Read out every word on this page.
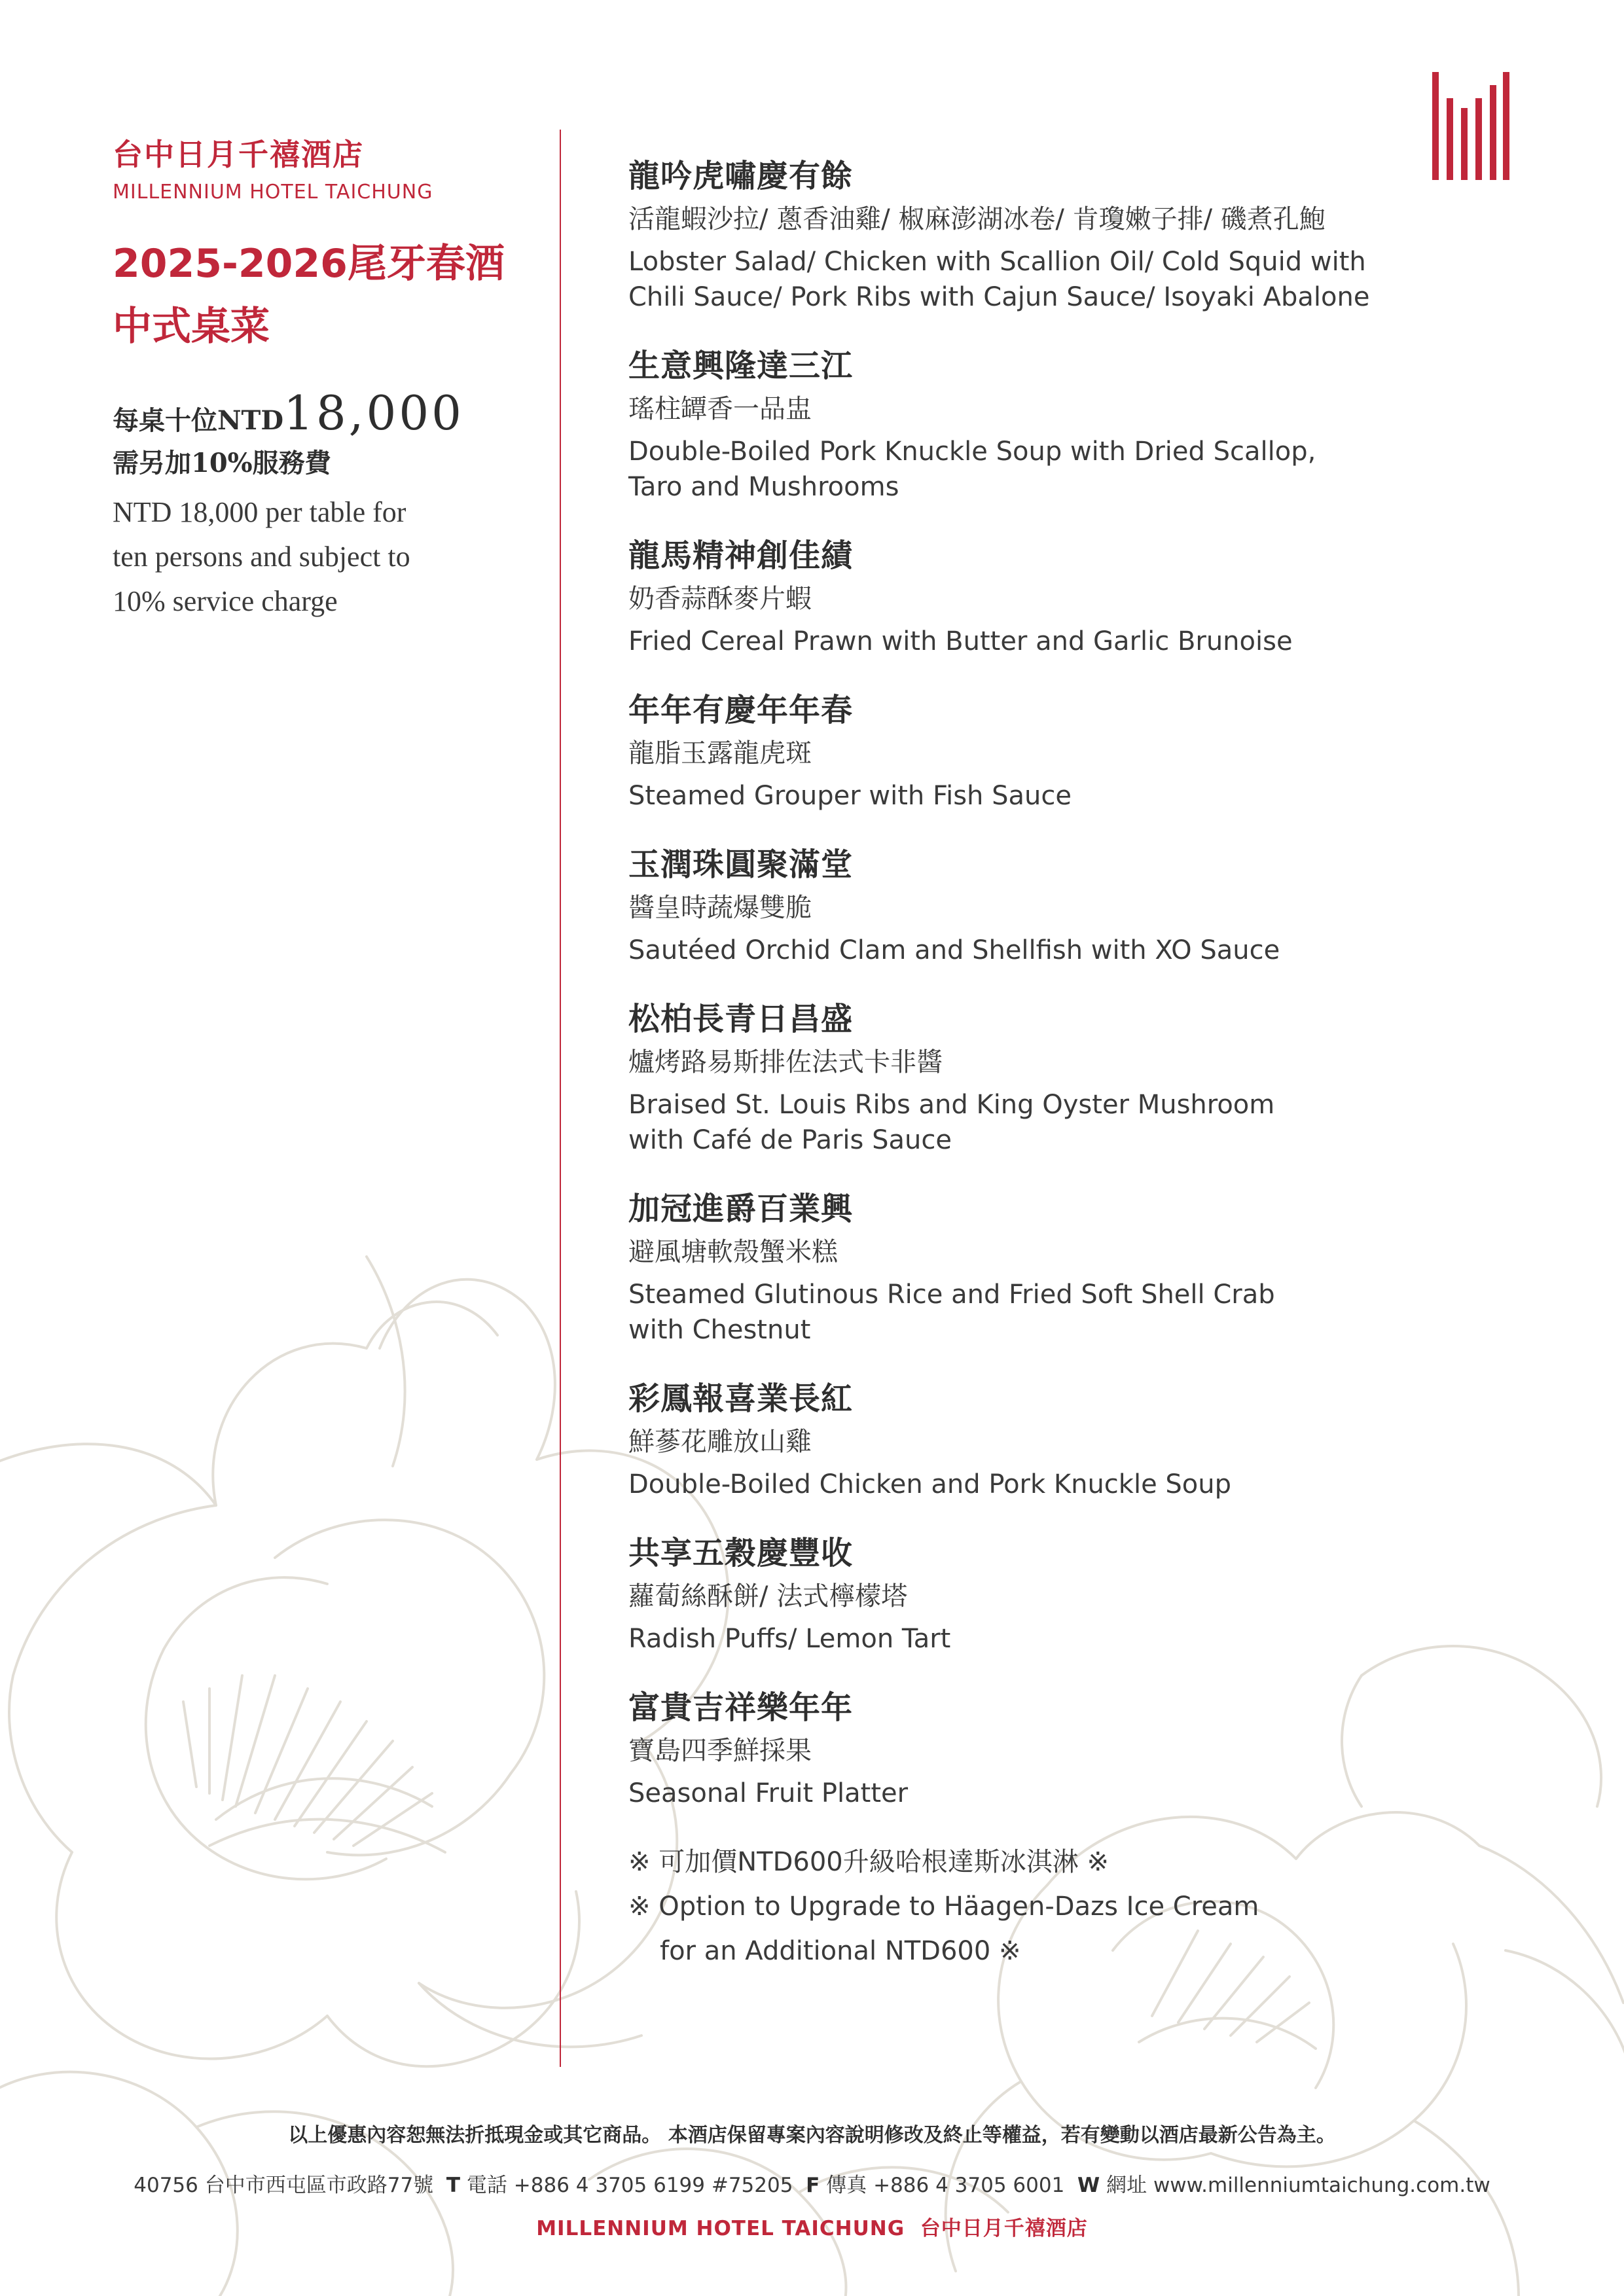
台中日月千禧酒店
MILLENNIUM HOTEL TAICHUNG
2025-2026尾牙春酒
中式桌菜
每桌十位NTD18,000
需另加10%服務費
NTD 18,000 per table for
ten persons and subject to
10% service charge
龍吟虎嘯慶有餘
活龍蝦沙拉/ 蔥香油雞/ 椒麻澎湖冰卷/ 肯瓊嫩子排/ 磯煮孔鮑
Lobster Salad/ Chicken with Scallion Oil/ Cold Squid with
Chili Sauce/ Pork Ribs with Cajun Sauce/ Isoyaki Abalone
生意興隆達三江
瑤柱罈香一品盅
Double-Boiled Pork Knuckle Soup with Dried Scallop,
Taro and Mushrooms
龍馬精神創佳績
奶香蒜酥麥片蝦
Fried Cereal Prawn with Butter and Garlic Brunoise
年年有慶年年春
龍脂玉露龍虎斑
Steamed Grouper with Fish Sauce
玉潤珠圓聚滿堂
醬皇時蔬爆雙脆
Sautéed Orchid Clam and Shellfish with XO Sauce
松柏長青日昌盛
爐烤路易斯排佐法式卡非醬
Braised St. Louis Ribs and King Oyster Mushroom
with Café de Paris Sauce
加冠進爵百業興
避風塘軟殼蟹米糕
Steamed Glutinous Rice and Fried Soft Shell Crab
with Chestnut
彩鳳報喜業長紅
鮮蔘花雕放山雞
Double-Boiled Chicken and Pork Knuckle Soup
共享五穀慶豐收
蘿蔔絲酥餅/ 法式檸檬塔
Radish Puffs/ Lemon Tart
富貴吉祥樂年年
寶島四季鮮採果
Seasonal Fruit Platter
※ 可加價NTD600升級哈根達斯冰淇淋 ※
※ Option to Upgrade to Häagen-Dazs Ice Cream
for an Additional NTD600 ※
以上優惠內容恕無法折抵現金或其它商品。 本酒店保留專案內容說明修改及終止等權益，若有變動以酒店最新公告為主。
40756 台中市西屯區市政路77號 T 電話 +886 4 3705 6199 #75205 F 傳真 +886 4 3705 6001 W 網址 www.millenniumtaichung.com.tw
MILLENNIUM HOTEL TAICHUNG 台中日月千禧酒店
